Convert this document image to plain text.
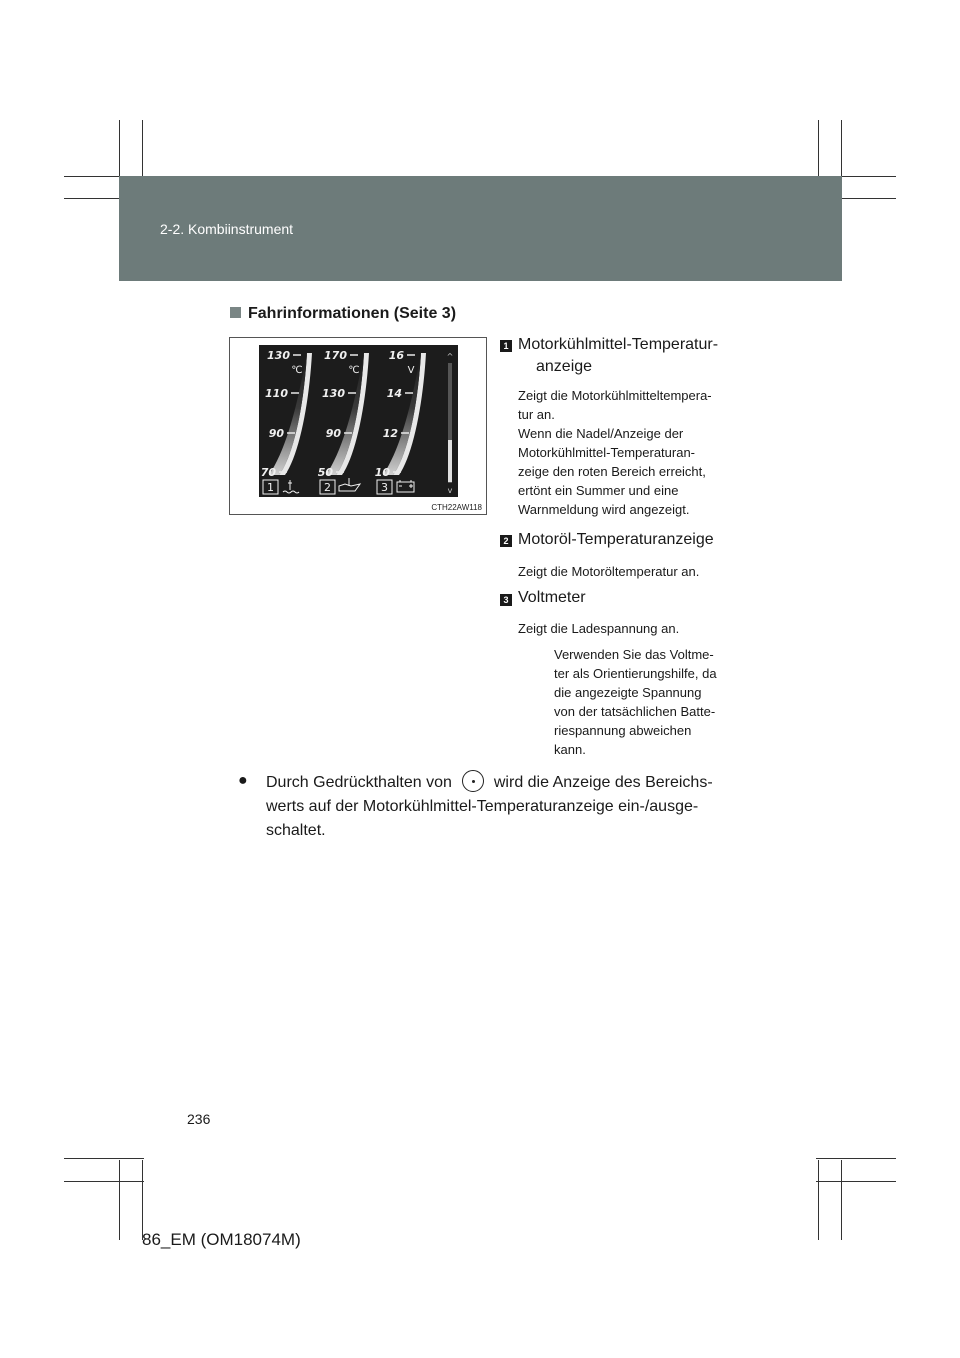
2-2. Kombiinstrument
Fahrinformationen (Seite 3)
^
v
130
110
90
70
170
130
90
50
16
14
12
10
℃	℃	V
1	2	3
CTH22AW118
1 Motorkühlmittel-Temperatur-
anzeige

Zeigt die Motorkühlmitteltempera-

tur an.

Wenn die Nadel/Anzeige der

Motorkühlmittel-Temperaturan-

zeige den roten Bereich erreicht,

ertönt ein Summer und eine

Warnmeldung wird angezeigt.

2 Motoröl-Temperaturanzeige
Zeigt die Motoröltemperatur an.
3 Voltmeter
Zeigt die Ladespannung an.
Verwenden Sie das Voltme-
ter als Orientierungshilfe, da
die angezeigte Spannung
von der tatsächlichen Batte-
riespannung abweichen
kann.
● Durch Gedrückthalten von	wird die Anzeige des Bereichs-
werts auf der Motorkühlmittel-Temperaturanzeige ein-/ausge-
schaltet.
236
86_EM (OM18074M)
